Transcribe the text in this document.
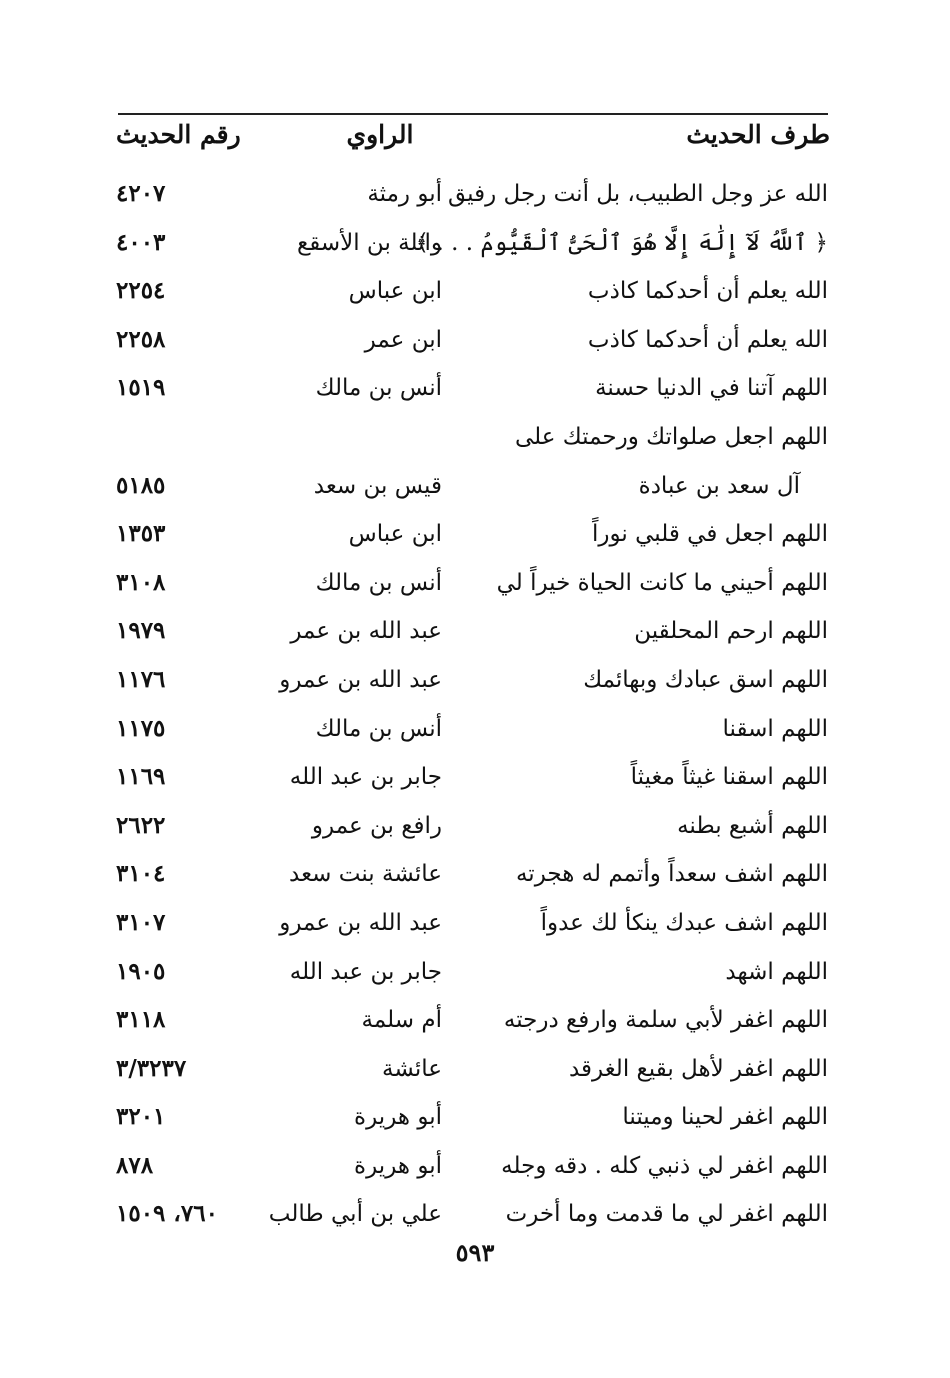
طرف الحديث
الراوي
رقم الحديث
الله عز وجل الطبيب، بل أنت رجل رفيق
أبو رمثة
٤٢٠٧
﴿ ٱللَّهُ لَآ إِلَٰهَ إِلَّا هُوَ ٱلْحَىُّ ٱلْقَيُّومُ . . . ﴾
واثلة بن الأسقع
٤٠٠٣
الله يعلم أن أحدكما كاذب
ابن عباس
٢٢٥٤
الله يعلم أن أحدكما كاذب
ابن عمر
٢٢٥٨
اللهم آتنا في الدنيا حسنة
أنس بن مالك
١٥١٩
اللهم اجعل صلواتك ورحمتك على
آل سعد بن عبادة
قيس بن سعد
٥١٨٥
اللهم اجعل في قلبي نوراً
ابن عباس
١٣٥٣
اللهم أحيني ما كانت الحياة خيراً لي
أنس بن مالك
٣١٠٨
اللهم ارحم المحلقين
عبد الله بن عمر
١٩٧٩
اللهم اسق عبادك وبهائمك
عبد الله بن عمرو
١١٧٦
اللهم اسقنا
أنس بن مالك
١١٧٥
اللهم اسقنا غيثاً مغيثاً
جابر بن عبد الله
١١٦٩
اللهم أشبع بطنه
رافع بن عمرو
٢٦٢٢
اللهم اشف سعداً وأتمم له هجرته
عائشة بنت سعد
٣١٠٤
اللهم اشف عبدك ينكأ لك عدواً
عبد الله بن عمرو
٣١٠٧
اللهم اشهد
جابر بن عبد الله
١٩٠٥
اللهم اغفر لأبي سلمة وارفع درجته
أم سلمة
٣١١٨
اللهم اغفر لأهل بقيع الغرقد
عائشة
٣/٣٢٣٧
اللهم اغفر لحينا وميتنا
أبو هريرة
٣٢٠١
اللهم اغفر لي ذنبي كله . دقه وجله
أبو هريرة
٨٧٨
اللهم اغفر لي ما قدمت وما أخرت
علي بن أبي طالب
٧٦٠، ١٥٠٩
٥٩٣
